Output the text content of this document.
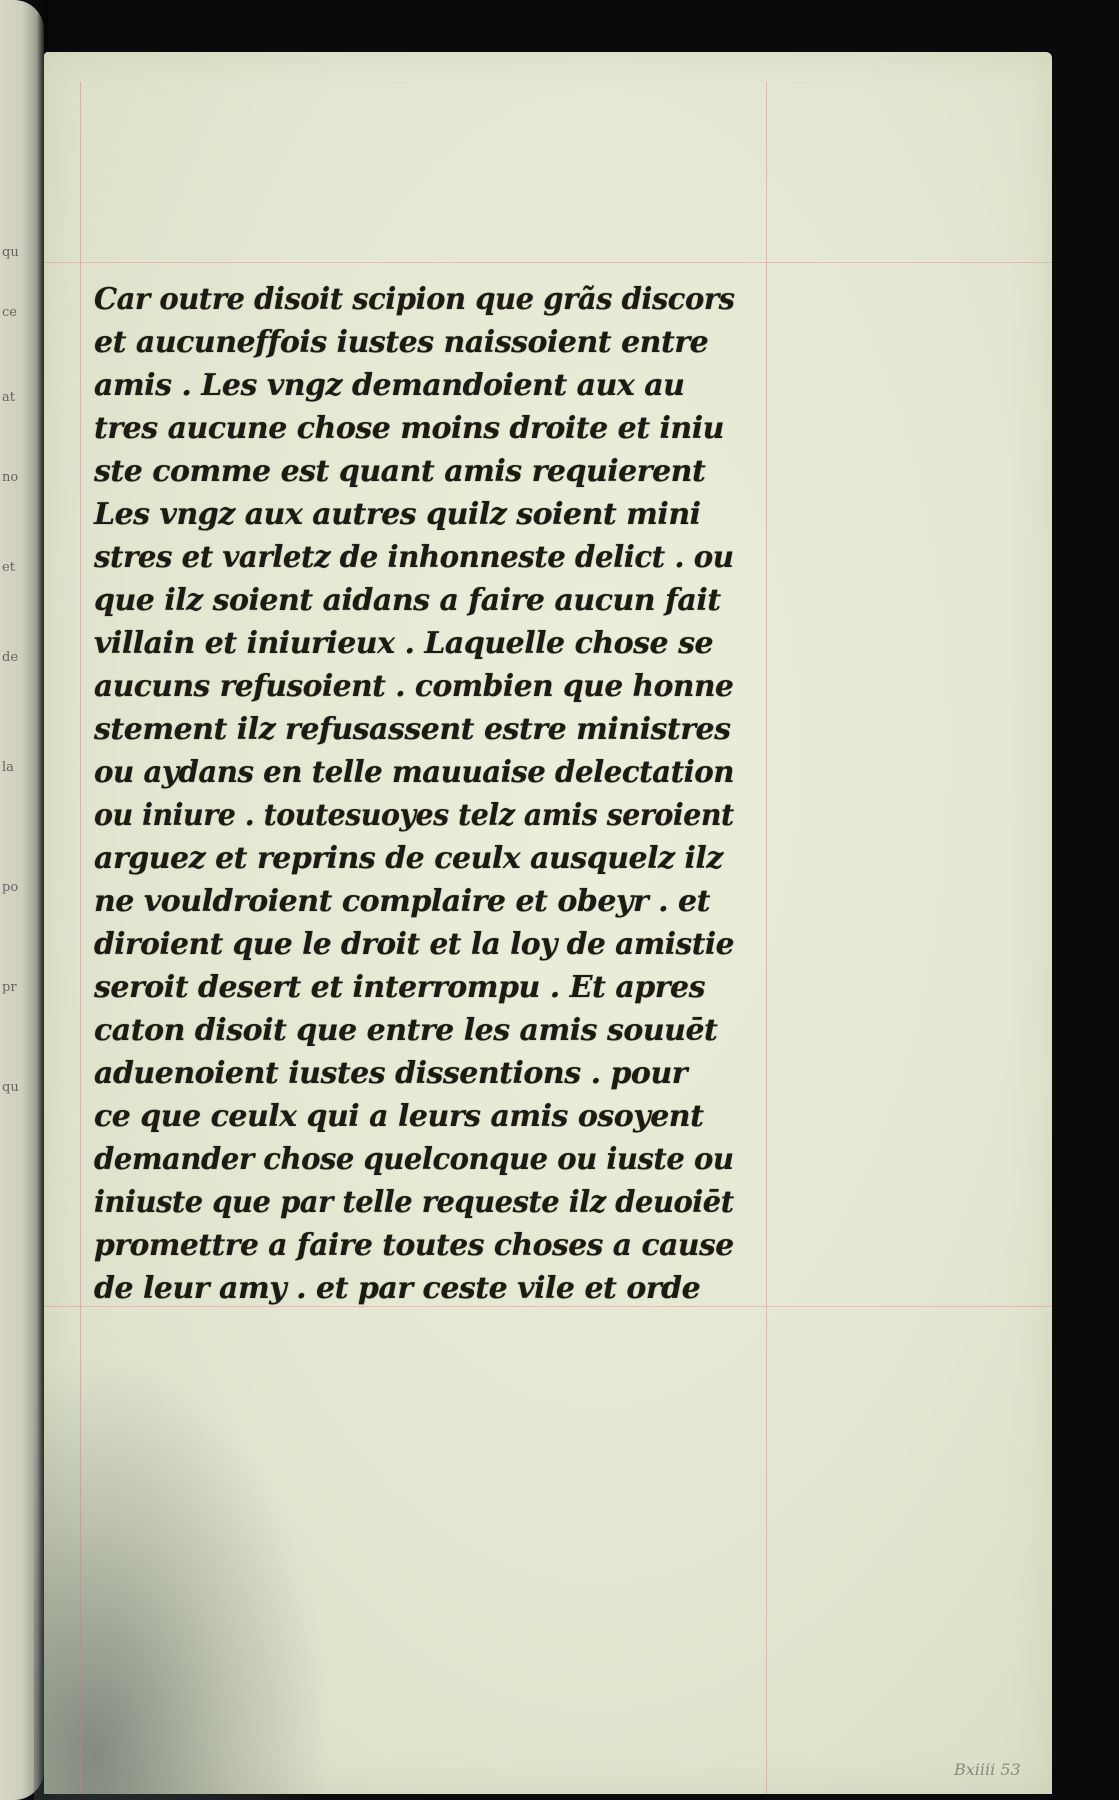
qu
ce
at
no
et
de
la
po
pr
qu
Car outre disoit scipion que grãs discors
et aucuneffois iustes naissoient entre
amis . Les vngz demandoient aux au
tres aucune chose moins droite et iniu
ste comme est quant amis requierent
Les vngz aux autres quilz soient mini
stres et varletz de inhonneste delict . ou
que ilz soient aidans a faire aucun fait
villain et iniurieux . Laquelle chose se
aucuns refusoient . combien que honne
stement ilz refusassent estre ministres
ou aydans en telle mauuaise delectation
ou iniure . toutesuoyes telz amis seroient
arguez et reprins de ceulx ausquelz ilz
ne vouldroient complaire et obeyr . et
diroient que le droit et la loy de amistie
seroit desert et interrompu . Et apres
caton disoit que entre les amis souuēt
aduenoient iustes dissentions . pour
ce que ceulx qui a leurs amis osoyent
demander chose quelconque ou iuste ou
iniuste que par telle requeste ilz deuoiēt
promettre a faire toutes choses a cause
de leur amy . et par ceste vile et orde
Bxiiii 53
